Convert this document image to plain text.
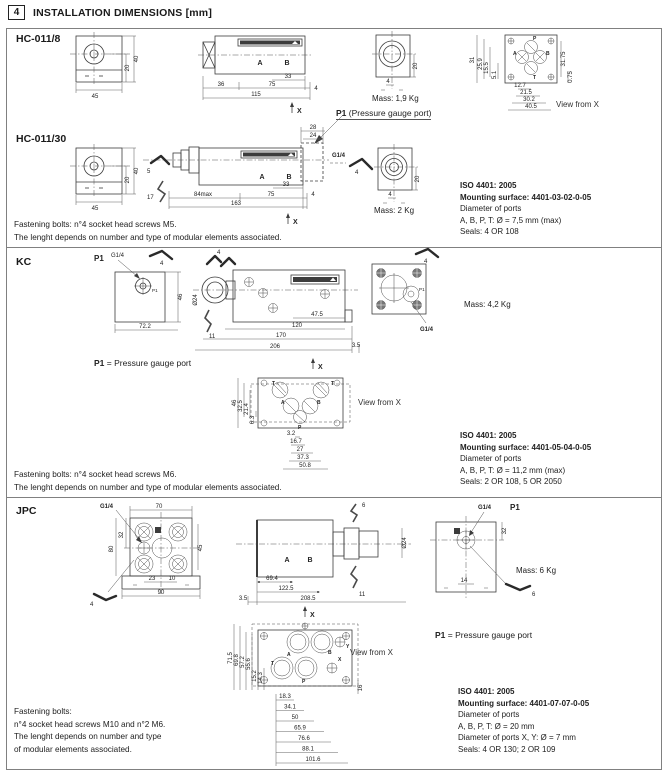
4	INSTALLATION DIMENSIONS [mm]
HC-011/8
45
20
40
A	B
33
36	75
4
115
X
20
4
Mass: 1,9 Kg
P
A	B
T
31 25.9 15.5
5.1
12.7
21.5
30.2
40.5
31.75
0.75
View from X
P1 (Pressure gauge port)
HC-011/30
45
20
40
28
24
5
17
A	B
33
84max	75	4
163
X
G1/4
4
20
4
Mass: 2 Kg
ISO 4401: 2005
Mounting surface: 4401-03-02-0-05
Diameter of ports
A, B, P, T: Ø = 7,5 mm (max)
Seals: 4 OR 108
Fastening bolts: n°4 socket head screws M5.
The lenght depends on number and type of modular elements associated.
KC	P1 G1/4
4
P1
46
72.2
4
Ø24
11
47.5
120
170
206	3.5
X
4
P1
G1/4
Mass: 4,2 Kg
P1 = Pressure gauge port
T	T
A	B
P
46 32.5 21.4
6.3
3.2
16.7
27
37.3
50.8
View from X
ISO 4401: 2005
Mounting surface: 4401-05-04-0-05
Diameter of ports
A, B, P, T: Ø = 11,2 mm (max)
Seals: 2 OR 108, 5 OR 2050
Fastening bolts: n°4 socket head screws M6.
The lenght depends on number and type of modular elements associated.
JPC	G1/4
4
70
32
80	45
23 10
90
A	B
6
11
Ø24
69.4
122.5
208.5
3.5
X
G1/4 P1
6
32
14
Mass: 6 Kg
P1 = Pressure gauge port
A	B
T
P
X
Y
71.5 69.8 57.2 55.6
15.2 14.3
16
18.3
34.1
50
65.9
76.6
88.1
101.6
View from X
ISO 4401: 2005
Mounting surface: 4401-07-07-0-05
Diameter of ports
A, B, P, T: Ø = 20 mm
Diameter of ports X, Y: Ø = 7 mm
Seals: 4 OR 130; 2 OR 109
Fastening bolts:
n°4 socket head screws M10 and n°2 M6.
The lenght depends on number and type
of modular elements associated.
